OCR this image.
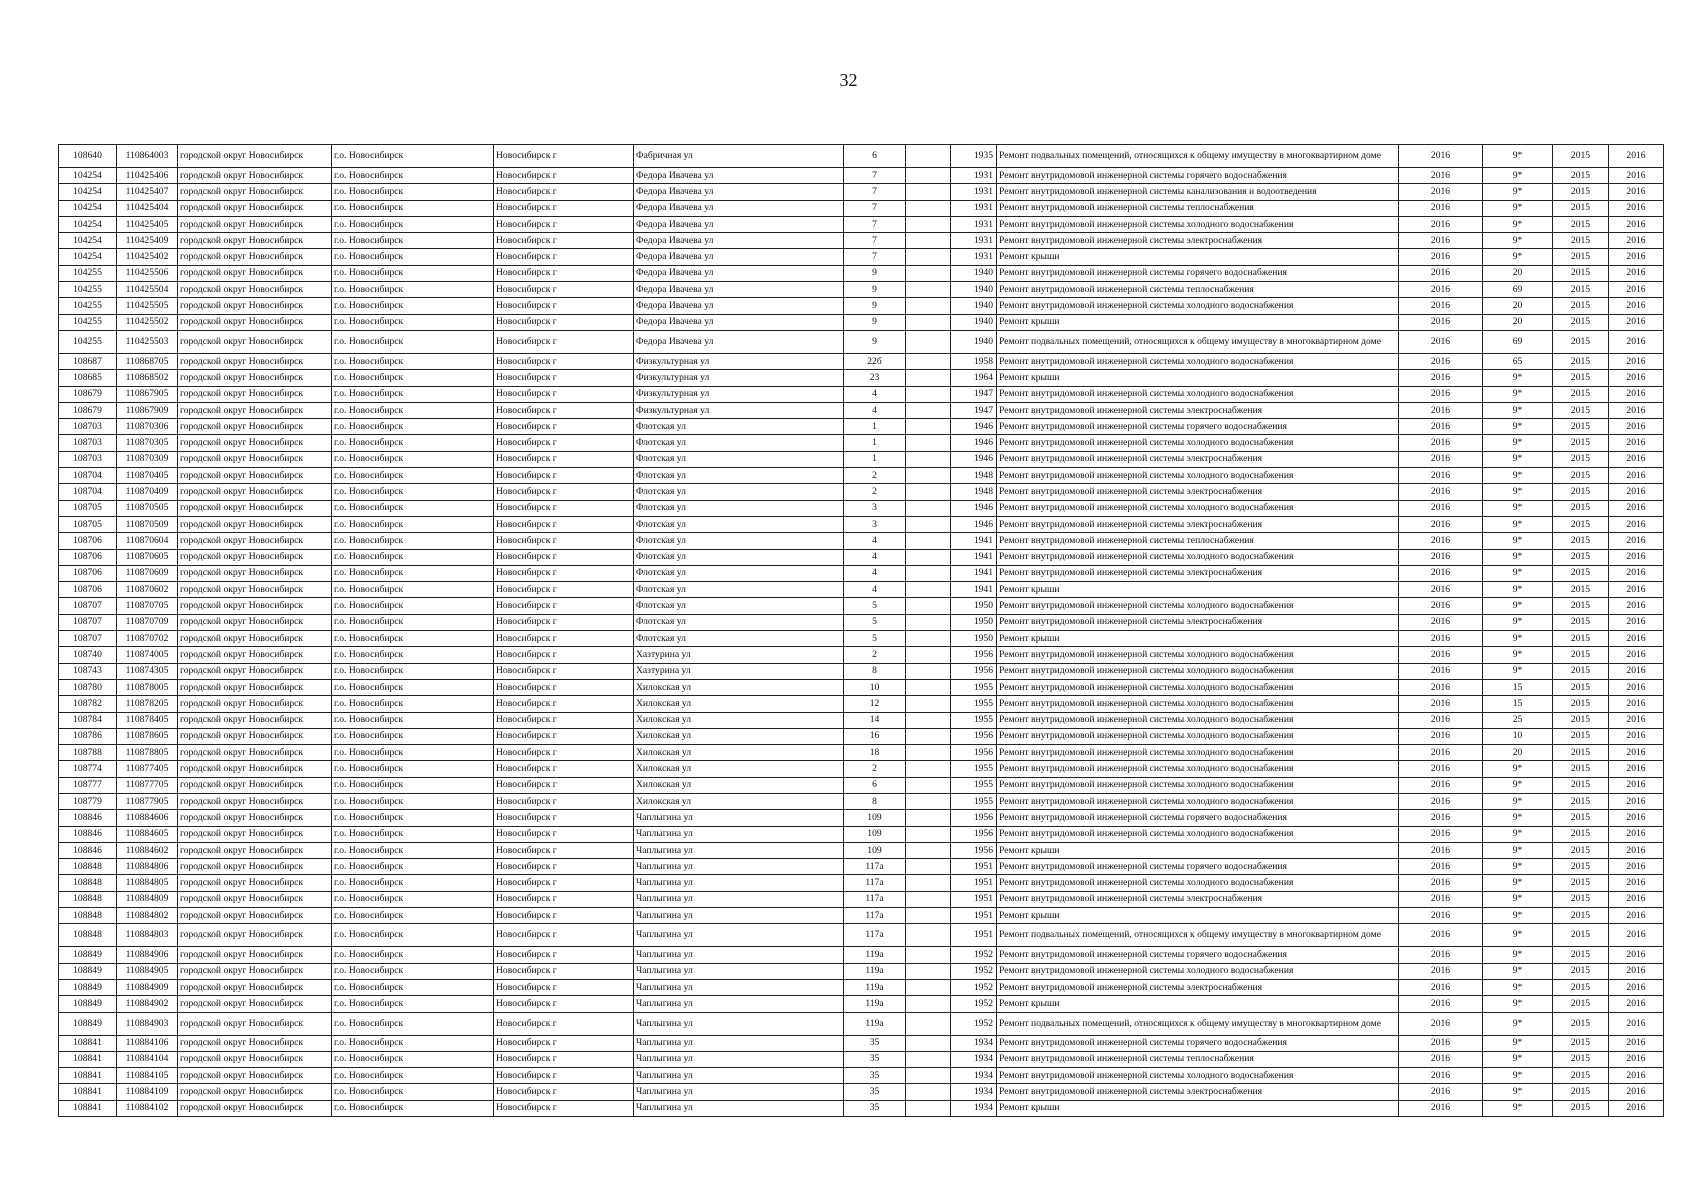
32
108640	110864003	городской округ Новосибирск	г.о. Новосибирск	Новосибирск г	Фабричная ул	6		1935	Ремонт подвальных помещений, относящихся к общему имуществу в многоквартирном доме	2016	9*	2015	2016
104254	110425406	городской округ Новосибирск	г.о. Новосибирск	Новосибирск г	Федора Ивачева ул	7		1931	Ремонт внутридомовой инженерной системы горячего водоснабжения	2016	9*	2015	2016
104254	110425407	городской округ Новосибирск	г.о. Новосибирск	Новосибирск г	Федора Ивачева ул	7		1931	Ремонт внутридомовой инженерной системы канализования и водоотведения	2016	9*	2015	2016
104254	110425404	городской округ Новосибирск	г.о. Новосибирск	Новосибирск г	Федора Ивачева ул	7		1931	Ремонт внутридомовой инженерной системы теплоснабжения	2016	9*	2015	2016
104254	110425405	городской округ Новосибирск	г.о. Новосибирск	Новосибирск г	Федора Ивачева ул	7		1931	Ремонт внутридомовой инженерной системы холодного водоснабжения	2016	9*	2015	2016
104254	110425409	городской округ Новосибирск	г.о. Новосибирск	Новосибирск г	Федора Ивачева ул	7		1931	Ремонт внутридомовой инженерной системы электроснабжения	2016	9*	2015	2016
104254	110425402	городской округ Новосибирск	г.о. Новосибирск	Новосибирск г	Федора Ивачева ул	7		1931	Ремонт крыши	2016	9*	2015	2016
104255	110425506	городской округ Новосибирск	г.о. Новосибирск	Новосибирск г	Федора Ивачева ул	9		1940	Ремонт внутридомовой инженерной системы горячего водоснабжения	2016	20	2015	2016
104255	110425504	городской округ Новосибирск	г.о. Новосибирск	Новосибирск г	Федора Ивачева ул	9		1940	Ремонт внутридомовой инженерной системы теплоснабжения	2016	69	2015	2016
104255	110425505	городской округ Новосибирск	г.о. Новосибирск	Новосибирск г	Федора Ивачева ул	9		1940	Ремонт внутридомовой инженерной системы холодного водоснабжения	2016	20	2015	2016
104255	110425502	городской округ Новосибирск	г.о. Новосибирск	Новосибирск г	Федора Ивачева ул	9		1940	Ремонт крыши	2016	20	2015	2016
104255	110425503	городской округ Новосибирск	г.о. Новосибирск	Новосибирск г	Федора Ивачева ул	9		1940	Ремонт подвальных помещений, относящихся к общему имуществу в многоквартирном доме	2016	69	2015	2016
108687	110868705	городской округ Новосибирск	г.о. Новосибирск	Новосибирск г	Физкультурная ул	22б		1958	Ремонт внутридомовой инженерной системы холодного водоснабжения	2016	65	2015	2016
108685	110868502	городской округ Новосибирск	г.о. Новосибирск	Новосибирск г	Физкультурная ул	23		1964	Ремонт крыши	2016	9*	2015	2016
108679	110867905	городской округ Новосибирск	г.о. Новосибирск	Новосибирск г	Физкультурная ул	4		1947	Ремонт внутридомовой инженерной системы холодного водоснабжения	2016	9*	2015	2016
108679	110867909	городской округ Новосибирск	г.о. Новосибирск	Новосибирск г	Физкультурная ул	4		1947	Ремонт внутридомовой инженерной системы электроснабжения	2016	9*	2015	2016
108703	110870306	городской округ Новосибирск	г.о. Новосибирск	Новосибирск г	Флотская ул	1		1946	Ремонт внутридомовой инженерной системы горячего водоснабжения	2016	9*	2015	2016
108703	110870305	городской округ Новосибирск	г.о. Новосибирск	Новосибирск г	Флотская ул	1		1946	Ремонт внутридомовой инженерной системы холодного водоснабжения	2016	9*	2015	2016
108703	110870309	городской округ Новосибирск	г.о. Новосибирск	Новосибирск г	Флотская ул	1		1946	Ремонт внутридомовой инженерной системы электроснабжения	2016	9*	2015	2016
108704	110870405	городской округ Новосибирск	г.о. Новосибирск	Новосибирск г	Флотская ул	2		1948	Ремонт внутридомовой инженерной системы холодного водоснабжения	2016	9*	2015	2016
108704	110870409	городской округ Новосибирск	г.о. Новосибирск	Новосибирск г	Флотская ул	2		1948	Ремонт внутридомовой инженерной системы электроснабжения	2016	9*	2015	2016
108705	110870505	городской округ Новосибирск	г.о. Новосибирск	Новосибирск г	Флотская ул	3		1946	Ремонт внутридомовой инженерной системы холодного водоснабжения	2016	9*	2015	2016
108705	110870509	городской округ Новосибирск	г.о. Новосибирск	Новосибирск г	Флотская ул	3		1946	Ремонт внутридомовой инженерной системы электроснабжения	2016	9*	2015	2016
108706	110870604	городской округ Новосибирск	г.о. Новосибирск	Новосибирск г	Флотская ул	4		1941	Ремонт внутридомовой инженерной системы теплоснабжения	2016	9*	2015	2016
108706	110870605	городской округ Новосибирск	г.о. Новосибирск	Новосибирск г	Флотская ул	4		1941	Ремонт внутридомовой инженерной системы холодного водоснабжения	2016	9*	2015	2016
108706	110870609	городской округ Новосибирск	г.о. Новосибирск	Новосибирск г	Флотская ул	4		1941	Ремонт внутридомовой инженерной системы электроснабжения	2016	9*	2015	2016
108706	110870602	городской округ Новосибирск	г.о. Новосибирск	Новосибирск г	Флотская ул	4		1941	Ремонт крыши	2016	9*	2015	2016
108707	110870705	городской округ Новосибирск	г.о. Новосибирск	Новосибирск г	Флотская ул	5		1950	Ремонт внутридомовой инженерной системы холодного водоснабжения	2016	9*	2015	2016
108707	110870709	городской округ Новосибирск	г.о. Новосибирск	Новосибирск г	Флотская ул	5		1950	Ремонт внутридомовой инженерной системы электроснабжения	2016	9*	2015	2016
108707	110870702	городской округ Новосибирск	г.о. Новосибирск	Новосибирск г	Флотская ул	5		1950	Ремонт крыши	2016	9*	2015	2016
108740	110874005	городской округ Новосибирск	г.о. Новосибирск	Новосибирск г	Хазтурина ул	2		1956	Ремонт внутридомовой инженерной системы холодного водоснабжения	2016	9*	2015	2016
108743	110874305	городской округ Новосибирск	г.о. Новосибирск	Новосибирск г	Хазтурина ул	8		1956	Ремонт внутридомовой инженерной системы холодного водоснабжения	2016	9*	2015	2016
108780	110878005	городской округ Новосибирск	г.о. Новосибирск	Новосибирск г	Хилокская ул	10		1955	Ремонт внутридомовой инженерной системы холодного водоснабжения	2016	15	2015	2016
108782	110878205	городской округ Новосибирск	г.о. Новосибирск	Новосибирск г	Хилокская ул	12		1955	Ремонт внутридомовой инженерной системы холодного водоснабжения	2016	15	2015	2016
108784	110878405	городской округ Новосибирск	г.о. Новосибирск	Новосибирск г	Хилокская ул	14		1955	Ремонт внутридомовой инженерной системы холодного водоснабжения	2016	25	2015	2016
108786	110878605	городской округ Новосибирск	г.о. Новосибирск	Новосибирск г	Хилокская ул	16		1956	Ремонт внутридомовой инженерной системы холодного водоснабжения	2016	10	2015	2016
108788	110878805	городской округ Новосибирск	г.о. Новосибирск	Новосибирск г	Хилокская ул	18		1956	Ремонт внутридомовой инженерной системы холодного водоснабжения	2016	20	2015	2016
108774	110877405	городской округ Новосибирск	г.о. Новосибирск	Новосибирск г	Хилокская ул	2		1955	Ремонт внутридомовой инженерной системы холодного водоснабжения	2016	9*	2015	2016
108777	110877705	городской округ Новосибирск	г.о. Новосибирск	Новосибирск г	Хилокская ул	6		1955	Ремонт внутридомовой инженерной системы холодного водоснабжения	2016	9*	2015	2016
108779	110877905	городской округ Новосибирск	г.о. Новосибирск	Новосибирск г	Хилокская ул	8		1955	Ремонт внутридомовой инженерной системы холодного водоснабжения	2016	9*	2015	2016
108846	110884606	городской округ Новосибирск	г.о. Новосибирск	Новосибирск г	Чаплыгина ул	109		1956	Ремонт внутридомовой инженерной системы горячего водоснабжения	2016	9*	2015	2016
108846	110884605	городской округ Новосибирск	г.о. Новосибирск	Новосибирск г	Чаплыгина ул	109		1956	Ремонт внутридомовой инженерной системы холодного водоснабжения	2016	9*	2015	2016
108846	110884602	городской округ Новосибирск	г.о. Новосибирск	Новосибирск г	Чаплыгина ул	109		1956	Ремонт крыши	2016	9*	2015	2016
108848	110884806	городской округ Новосибирск	г.о. Новосибирск	Новосибирск г	Чаплыгина ул	117а		1951	Ремонт внутридомовой инженерной системы горячего водоснабжения	2016	9*	2015	2016
108848	110884805	городской округ Новосибирск	г.о. Новосибирск	Новосибирск г	Чаплыгина ул	117а		1951	Ремонт внутридомовой инженерной системы холодного водоснабжения	2016	9*	2015	2016
108848	110884809	городской округ Новосибирск	г.о. Новосибирск	Новосибирск г	Чаплыгина ул	117а		1951	Ремонт внутридомовой инженерной системы электроснабжения	2016	9*	2015	2016
108848	110884802	городской округ Новосибирск	г.о. Новосибирск	Новосибирск г	Чаплыгина ул	117а		1951	Ремонт крыши	2016	9*	2015	2016
108848	110884803	городской округ Новосибирск	г.о. Новосибирск	Новосибирск г	Чаплыгина ул	117а		1951	Ремонт подвальных помещений, относящихся к общему имуществу в многоквартирном доме	2016	9*	2015	2016
108849	110884906	городской округ Новосибирск	г.о. Новосибирск	Новосибирск г	Чаплыгина ул	119а		1952	Ремонт внутридомовой инженерной системы горячего водоснабжения	2016	9*	2015	2016
108849	110884905	городской округ Новосибирск	г.о. Новосибирск	Новосибирск г	Чаплыгина ул	119а		1952	Ремонт внутридомовой инженерной системы холодного водоснабжения	2016	9*	2015	2016
108849	110884909	городской округ Новосибирск	г.о. Новосибирск	Новосибирск г	Чаплыгина ул	119а		1952	Ремонт внутридомовой инженерной системы электроснабжения	2016	9*	2015	2016
108849	110884902	городской округ Новосибирск	г.о. Новосибирск	Новосибирск г	Чаплыгина ул	119а		1952	Ремонт крыши	2016	9*	2015	2016
108849	110884903	городской округ Новосибирск	г.о. Новосибирск	Новосибирск г	Чаплыгина ул	119а		1952	Ремонт подвальных помещений, относящихся к общему имуществу в многоквартирном доме	2016	9*	2015	2016
108841	110884106	городской округ Новосибирск	г.о. Новосибирск	Новосибирск г	Чаплыгина ул	35		1934	Ремонт внутридомовой инженерной системы горячего водоснабжения	2016	9*	2015	2016
108841	110884104	городской округ Новосибирск	г.о. Новосибирск	Новосибирск г	Чаплыгина ул	35		1934	Ремонт внутридомовой инженерной системы теплоснабжения	2016	9*	2015	2016
108841	110884105	городской округ Новосибирск	г.о. Новосибирск	Новосибирск г	Чаплыгина ул	35		1934	Ремонт внутридомовой инженерной системы холодного водоснабжения	2016	9*	2015	2016
108841	110884109	городской округ Новосибирск	г.о. Новосибирск	Новосибирск г	Чаплыгина ул	35		1934	Ремонт внутридомовой инженерной системы электроснабжения	2016	9*	2015	2016
108841	110884102	городской округ Новосибирск	г.о. Новосибирск	Новосибирск г	Чаплыгина ул	35		1934	Ремонт крыши	2016	9*	2015	2016
